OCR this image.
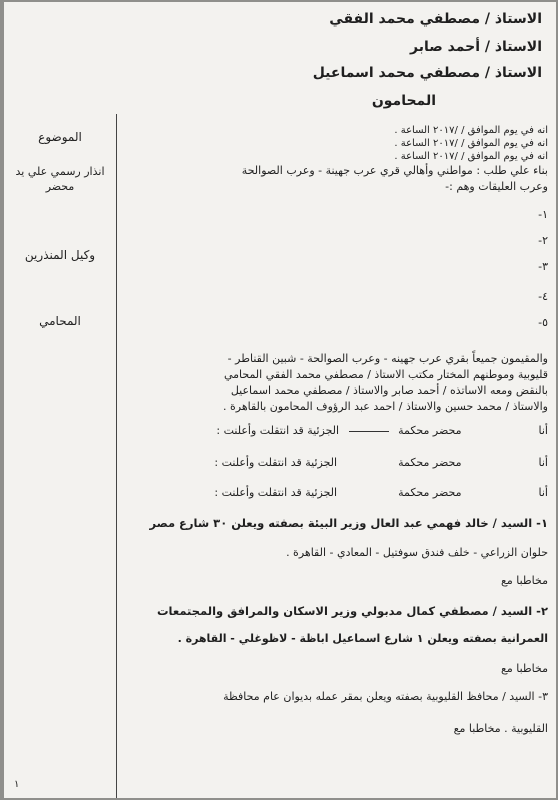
الاستاذ / مصطفي محمد الفقي
الاستاذ / أحمد صابر
الاستاذ / مصطفي محمد اسماعيل
المحامون
الموضوع
انذار رسمي علي يد محضر
وكيل المنذرين
المحامي
انه في يوم الموافق / /٢٠١٧ الساعة .
انه في يوم الموافق / /٢٠١٧ الساعة .
انه في يوم الموافق / /٢٠١٧ الساعة .
بناء علي طلب : مواطني وأهالي قري عرب جهينة - وعرب الصوالحة
وعرب العليقات وهم :-
١-
٢-
٣-
٤-
٥-
والمقيمون جميعاً بقري عرب جهينه - وعرب الصوالحة - شبين القناطر -
قليوبية وموطنهم المختار مكتب الاستاذ / مصطفي محمد الفقي المحامي
بالنقض ومعه الاساتذه / أحمد صابر والاستاذ / مصطفي محمد اسماعيل
والاستاذ / محمد حسين والاستاذ / احمد عبد الرؤوف المحامون بالقاهرة .
أنا  محضر محكمة  الجزئية قد انتقلت وأعلنت :
أنا  محضر محكمة  الجزئية قد انتقلت وأعلنت :
أنا  محضر محكمة  الجزئية قد انتقلت وأعلنت :
١- السيد / خالد فهمي عبد العال وزير البيئة بصفته ويعلن ٣٠ شارع مصر
حلوان الزراعي - خلف فندق سوفتيل - المعادي - القاهرة .
مخاطبا مع
٢- السيد / مصطفي كمال مدبولي وزير الاسكان والمرافق والمجتمعات
العمرانية بصفته ويعلن ١ شارع اسماعيل اباظة - لاظوغلي - القاهرة .
مخاطبا مع
٣- السيد / محافظ القليوبية بصفته ويعلن بمقر عمله بديوان عام محافظة
القليوبية . مخاطبا مع
١
